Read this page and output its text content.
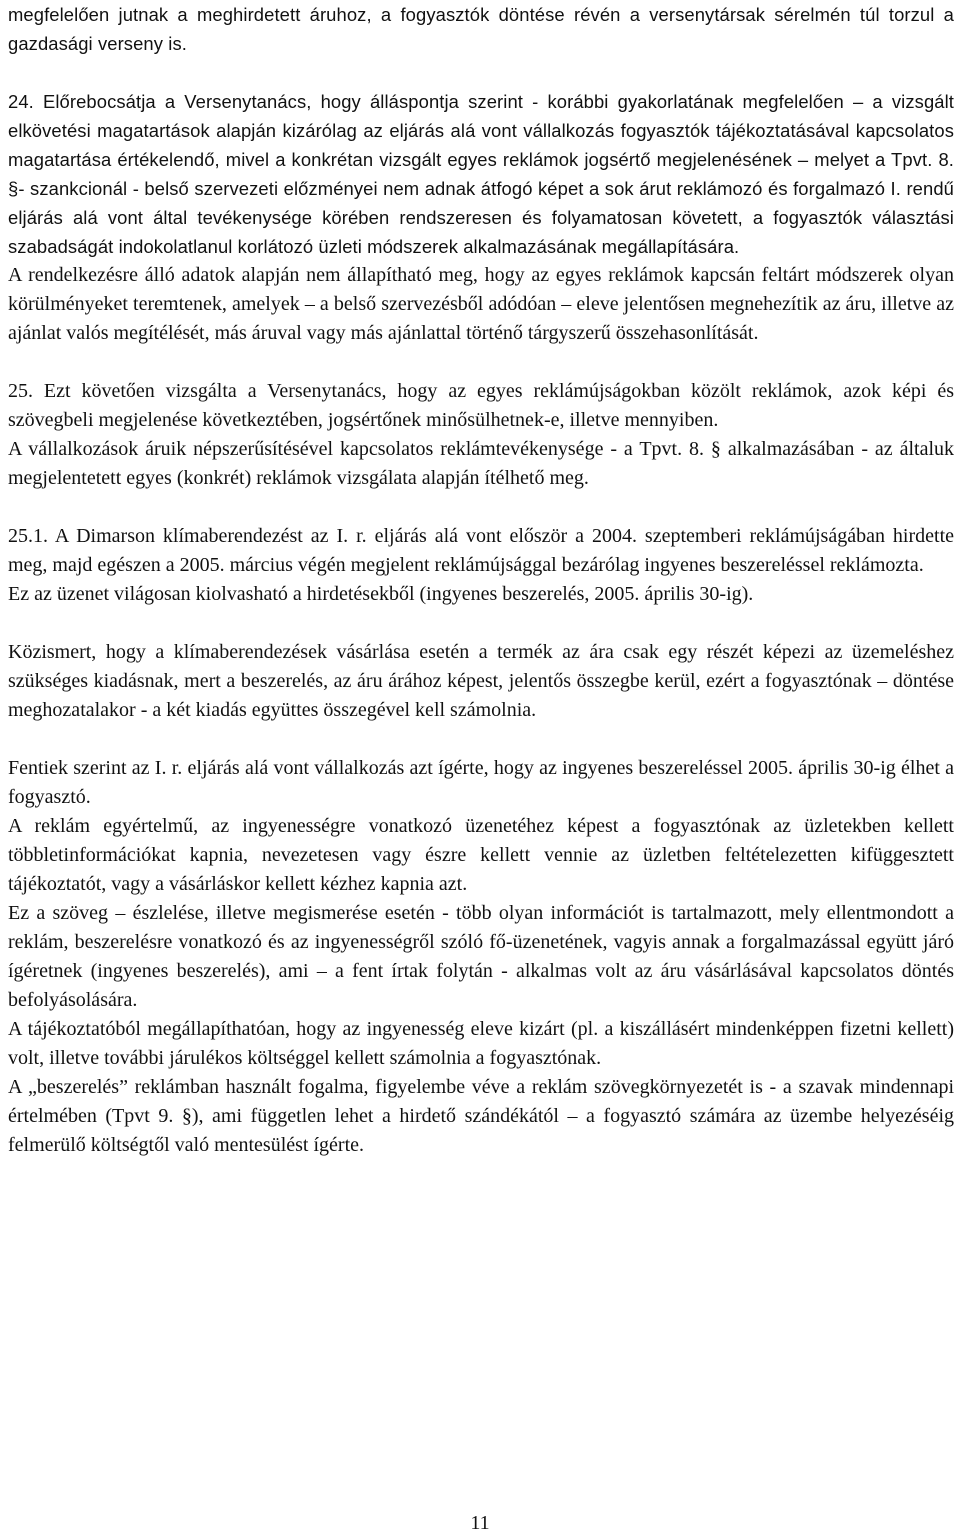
megfelelően jutnak a meghirdetett áruhoz, a fogyasztók döntése révén a versenytársak sérelmén túl torzul a gazdasági verseny is.

24. Előrebocsátja a Versenytanács, hogy álláspontja szerint - korábbi gyakorlatának megfelelően – a vizsgált elkövetési magatartások alapján kizárólag az eljárás alá vont vállalkozás fogyasztók tájékoztatásával kapcsolatos magatartása értékelendő, mivel a konkrétan vizsgált egyes reklámok jogsértő megjelenésének – melyet a Tpvt. 8. §- szankcionál - belső szervezeti előzményei nem adnak átfogó képet a sok árut reklámozó és forgalmazó I. rendű eljárás alá vont által tevékenysége körében rendszeresen és folyamatosan követett, a fogyasztók választási szabadságát indokolatlanul korlátozó üzleti módszerek alkalmazásának megállapítására.

A rendelkezésre álló adatok alapján nem állapítható meg, hogy az egyes reklámok kapcsán feltárt módszerek olyan körülményeket teremtenek, amelyek – a belső szervezésből adódóan – eleve jelentősen megnehezítik az áru, illetve az ajánlat valós megítélését, más áruval vagy más ajánlattal történő tárgyszerű összehasonlítását.

25. Ezt követően vizsgálta a Versenytanács, hogy az egyes reklámújságokban közölt reklámok, azok képi és szövegbeli megjelenése következtében, jogsértőnek minősülhetnek-e, illetve mennyiben.

A vállalkozások áruik népszerűsítésével kapcsolatos reklámtevékenysége - a Tpvt. 8. § alkalmazásában - az általuk megjelentetett egyes (konkrét) reklámok vizsgálata alapján ítélhető meg.

25.1. A Dimarson klímaberendezést az I. r. eljárás alá vont először a 2004. szeptemberi reklámújságában hirdette meg, majd egészen a 2005. március végén megjelent reklámújsággal bezárólag ingyenes beszereléssel reklámozta.

Ez az üzenet világosan kiolvasható a hirdetésekből (ingyenes beszerelés, 2005. április 30-ig).

Közismert, hogy a klímaberendezések vásárlása esetén a termék az ára csak egy részét képezi az üzemeléshez szükséges kiadásnak, mert a beszerelés, az áru árához képest, jelentős összegbe kerül, ezért a fogyasztónak – döntése meghozatalakor - a két kiadás együttes összegével kell számolnia.

Fentiek szerint az I. r. eljárás alá vont vállalkozás azt ígérte, hogy az ingyenes beszereléssel 2005. április 30-ig élhet a fogyasztó.

A reklám egyértelmű, az ingyenességre vonatkozó üzenetéhez képest a fogyasztónak az üzletekben kellett többletinformációkat kapnia, nevezetesen vagy észre kellett vennie az üzletben feltételezetten kifüggesztett tájékoztatót, vagy a vásárláskor kellett kézhez kapnia azt.

Ez a szöveg – észlelése, illetve megismerése esetén - több olyan információt is tartalmazott, mely ellentmondott a reklám, beszerelésre vonatkozó és az ingyenességről szóló fő-üzenetének, vagyis annak a forgalmazással együtt járó ígéretnek (ingyenes beszerelés), ami – a fent írtak folytán - alkalmas volt az áru vásárlásával kapcsolatos döntés befolyásolására.

A tájékoztatóból megállapíthatóan, hogy az ingyenesség eleve kizárt (pl. a kiszállásért mindenképpen fizetni kellett) volt, illetve további járulékos költséggel kellett számolnia a fogyasztónak.

A „beszerelés” reklámban használt fogalma, figyelembe véve a reklám szövegkörnyezetét is - a szavak mindennapi értelmében (Tpvt 9. §), ami független lehet a hirdető szándékától – a fogyasztó számára az üzembe helyezéséig felmerülő költségtől való mentesülést ígérte.

11
